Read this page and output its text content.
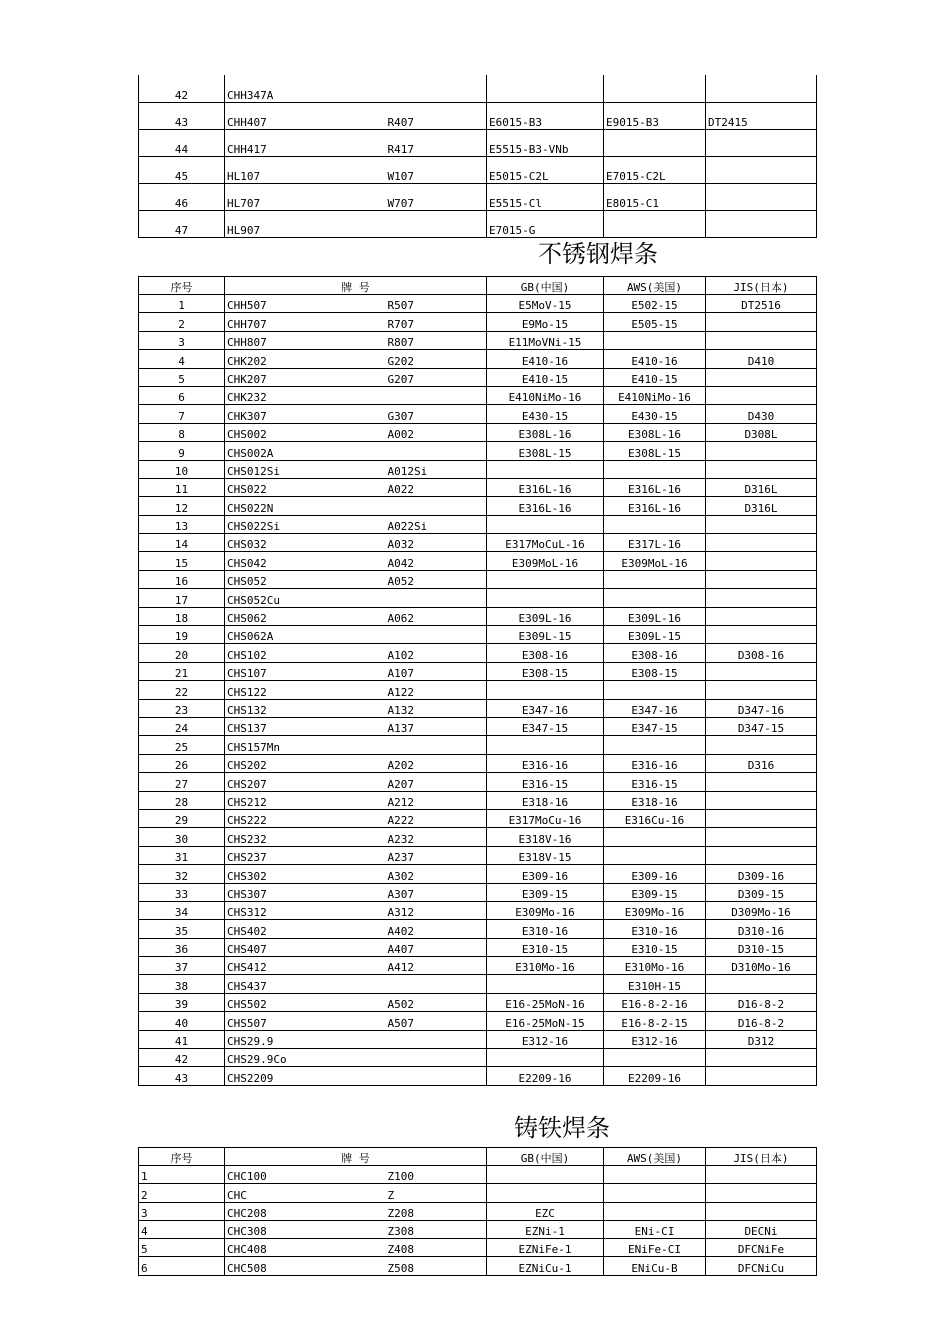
42	CHH347A				
43	CHH407	R407	E6015-B3	E9015-B3	DT2415
44	CHH417	R417	E5515-B3-VNb		
45	HL107	W107	E5015-C2L	E7015-C2L	
46	HL707	W707	E5515-Cl	E8015-C1	
47	HL907		E7015-G		
不锈钢焊条
序号	牌 号		GB(中国)	AWS(美国)	JIS(日本)
1	CHH507	R507	E5MoV-15	E502-15	DT2516
2	CHH707	R707	E9Mo-15	E505-15	
3	CHH807	R807	E11MoVNi-15		
4	CHK202	G202	E410-16	E410-16	D410
5	CHK207	G207	E410-15	E410-15	
6	CHK232		E410NiMo-16	E410NiMo-16	
7	CHK307	G307	E430-15	E430-15	D430
8	CHS002	A002	E308L-16	E308L-16	D308L
9	CHS002A		E308L-15	E308L-15	
10	CHS012Si	A012Si			
11	CHS022	A022	E316L-16	E316L-16	D316L
12	CHS022N		E316L-16	E316L-16	D316L
13	CHS022Si	A022Si			
14	CHS032	A032	E317MoCuL-16	E317L-16	
15	CHS042	A042	E309MoL-16	E309MoL-16	
16	CHS052	A052			
17	CHS052Cu				
18	CHS062	A062	E309L-16	E309L-16	
19	CHS062A		E309L-15	E309L-15	
20	CHS102	A102	E308-16	E308-16	D308-16
21	CHS107	A107	E308-15	E308-15	
22	CHS122	A122			
23	CHS132	A132	E347-16	E347-16	D347-16
24	CHS137	A137	E347-15	E347-15	D347-15
25	CHS157Mn				
26	CHS202	A202	E316-16	E316-16	D316
27	CHS207	A207	E316-15	E316-15	
28	CHS212	A212	E318-16	E318-16	
29	CHS222	A222	E317MoCu-16	E316Cu-16	
30	CHS232	A232	E318V-16		
31	CHS237	A237	E318V-15		
32	CHS302	A302	E309-16	E309-16	D309-16
33	CHS307	A307	E309-15	E309-15	D309-15
34	CHS312	A312	E309Mo-16	E309Mo-16	D309Mo-16
35	CHS402	A402	E310-16	E310-16	D310-16
36	CHS407	A407	E310-15	E310-15	D310-15
37	CHS412	A412	E310Mo-16	E310Mo-16	D310Mo-16
38	CHS437			E310H-15	
39	CHS502	A502	E16-25MoN-16	E16-8-2-16	D16-8-2
40	CHS507	A507	E16-25MoN-15	E16-8-2-15	D16-8-2
41	CHS29.9		E312-16	E312-16	D312
42	CHS29.9Co				
43	CHS2209		E2209-16	E2209-16	
铸铁焊条
序号	牌 号		GB(中国)	AWS(美国)	JIS(日本)
1	CHC100	Z100			
2	CHC	Z			
3	CHC208	Z208	EZC		
4	CHC308	Z308	EZNi-1	ENi-CI	DECNi
5	CHC408	Z408	EZNiFe-1	ENiFe-CI	DFCNiFe
6	CHC508	Z508	EZNiCu-1	ENiCu-B	DFCNiCu
